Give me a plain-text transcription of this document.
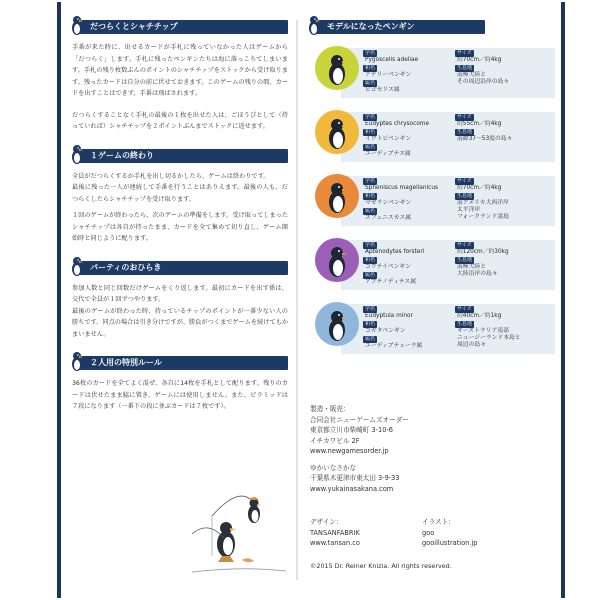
だつらくとシャチチップ

手番が来た時に、出せるカードが手札に残っていなかった人はゲームから「だつらく」します。手札に残ったペンギンたちは海に落っこちてしまいます。手札の残り枚数ぶんのポイントのシャチチップをストックから受け取ります。残ったカードは自分の前に伏せておきます。このゲームの残りの間、カードを出すことはできず、手番は飛ばされます。

だつらくすることなく手札の最後の１枚を出せた人は、ごほうびとして（持っていれば）シャチチップを２ポイントぶんまでストックに返せます。

１ゲームの終わり

全員がだつらくするか手札を出し切るかしたら、ゲームは終わりです。

最後に残った一人が連続して手番を行うことはありえます。最後の人も、だつらくしたらシャチチップを受け取ります。

１回のゲームが終わったら、次のゲームの準備をします。受け取ってしまったシャチチップは各自が持ったまま、カードを全て集めて切り直し、ゲーム開始時と同じように配ります。

パーティのおひらき

参加人数と同じ回数だけゲームをくり返します。最初にカードを出す係は、交代で全員が１回ずつやります。

最後のゲームが終わった時、持っているチップのポイントが一番少ない人の勝ちです。同点の場合は引き分けですが、勝負がつくまでゲームを続けてもかまいません。

２人用の特別ルール

36枚のカードを全てよく混ぜ、各自に14枚を手札として配ります。残りのカードは伏せたまま脇に置き、ゲームには使用しません。また、ピラミッドは７段になります（一番下の段に並ぶカードは７枚です）。

モデルになったペンギン
学名
Pygoscelis adeliae
和名
アデリーペンギン
属名
ピゴセリス属
サイズ
約70cm／約4kg
生息地
南極大陸と
その周辺沿岸の島々
学名
Eudyptes chrysocome
和名
イワトビペンギン
属名
ユーディプテス属
サイズ
約55cm／約4kg
生息地
南緯37〜53度の島々
学名
Spheniscus magellanicus
和名
マゼランペンギン
属名
スフェニスカス属
サイズ
約70cm／約4kg
生息地
南アメリカ大西洋岸
太平洋岸
フォークランド諸島
学名
Aptenodytes forsteri
和名
コウテイペンギン
属名
アプテノディテス属
サイズ
約120cm／約30kg
生息地
南極大陸と
大陸沿岸の島々
学名
Eudyptula minor
和名
コガタペンギン
属名
ユーディプテューラ属
サイズ
約40cm／約1kg
生息地
オーストラリア南部
ニュージーランド本島と
周辺の島々
製造・販売：
合同会社ニューゲームズオーダー
東京都立川市柴崎町 3-10-6
イチカワビル 2F
www.newgamesorder.jp
ゆかいなさかな
千葉県木更津市東太田 3-9-33
www.yukainasakana.com
デザイン：
TANSANFABRIK
www.tansan.co
イラスト：
goo
gooillustration.jp
©2015 Dr. Reiner Knizia. All rights reserved.
